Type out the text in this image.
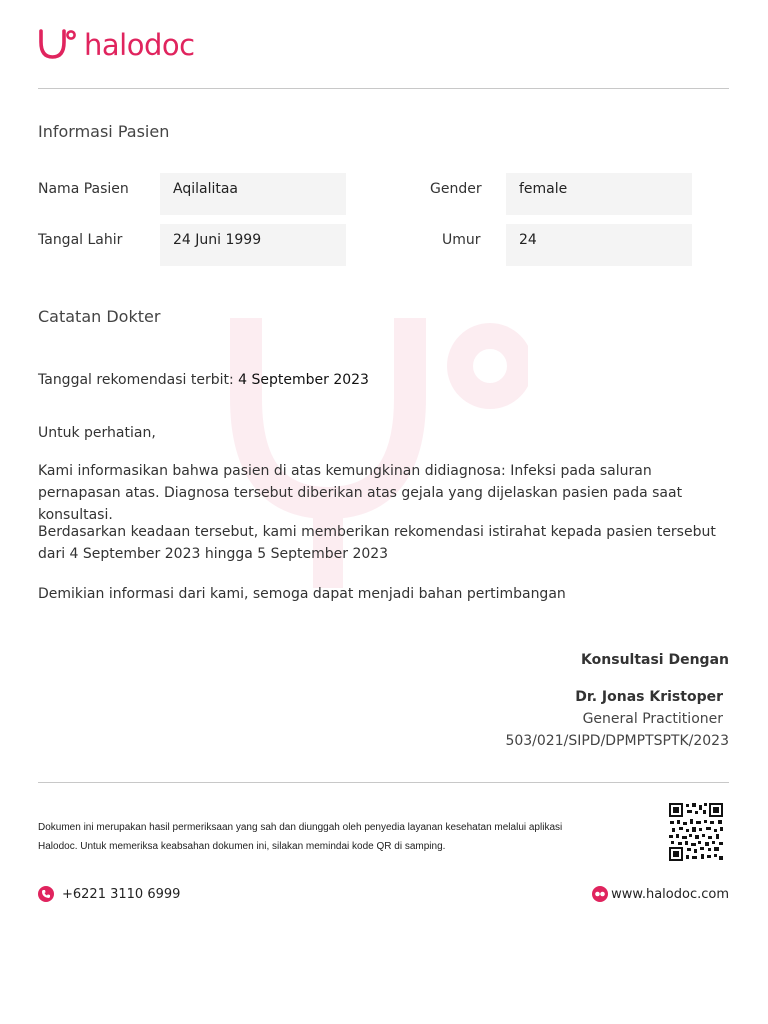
halodoc
Informasi Pasien
Nama Pasien	Aqilalitaa	Gender	female
Tangal Lahir	24 Juni 1999	Umur	24
Catatan Dokter
Tanggal rekomendasi terbit: 4 September 2023
Untuk perhatian,
Kami informasikan bahwa pasien di atas kemungkinan didiagnosa: Infeksi pada saluran pernapasan atas. Diagnosa tersebut diberikan atas gejala yang dijelaskan pasien pada saat konsultasi.
Berdasarkan keadaan tersebut, kami memberikan rekomendasi istirahat kepada pasien tersebut dari 4 September 2023 hingga 5 September 2023
Demikian informasi dari kami, semoga dapat menjadi bahan pertimbangan
Konsultasi Dengan
Dr. Jonas Kristoper
General Practitioner
503/021/SIPD/DPMPTSPTK/2023
Dokumen ini merupakan hasil permeriksaan yang sah dan diunggah oleh penyedia layanan kesehatan melalui aplikasi
Halodoc. Untuk memeriksa keabsahan dokumen ini, silakan memindai kode QR di samping.
+6221 3110 6999	www.halodoc.com
